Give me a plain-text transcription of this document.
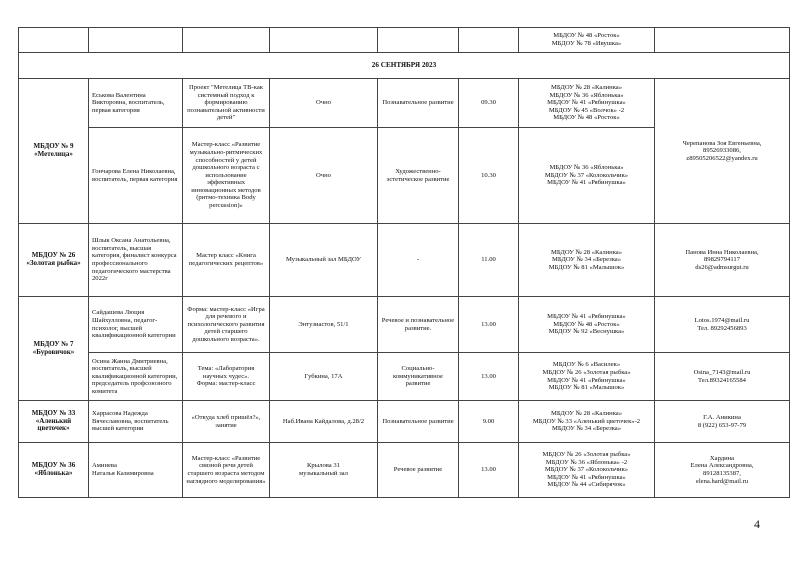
						МБДОУ № 48 «Росток»
МБДОУ № 78 «Ивушка»	
26 СЕНТЯБРЯ 2023							
МБДОУ № 9
«Метелица»	Еськова Валентина Викторовна, воспитатель, первая категория	Проект "Метелица ТВ-как системный подход к формированию познавательной активности детей"	Очно	Познавательное развитие	09.30	МБДОУ № 28 «Калинка»
МБДОУ № 36 «Яблонька»
МБДОУ № 41 «Рябинушка»
МБДОУ № 45 «Волчок» -2
МБДОУ № 48 «Росток»	Черепанова Зоя Евгеньевна,
89526933086,
z89505206522@yandex.ru
	Гончарова Елена Николаевна, воспитатель, первая категория	Мастер-класс «Развитие музыкально-ритмических способностей у детей дошкольного возраста с использование эффективных инновационных методов (ритмо-техника Body percussion)»	Очно	Художественно-эстетическое развитие	10.30	МБДОУ № 36 «Яблонька»
МБДОУ № 37 «Колокольчик»
МБДОУ № 41 «Рябинушка»	
МБДОУ № 26
«Золотая рыбка»	Шлык Оксана Анатольевна, воспитатель, высшая категория, финалист конкурса профессионального педагогического мастерства 2022г	Мастер класс «Книга педагогических рецептов»	Музыкальный зал МБДОУ	-	11.00	МБДОУ № 28 «Калинка»
МБДОУ № 34 «Березка»
МБДОУ № 81 «Малышок»	Панова Инна Николаевна,
89829794117
ds26@admsurgut.ru
МБДОУ № 7
«Буровичок»	Сайдашева Люция Шайхулловна, педагог-психолог, высшей квалификационной категории	Форма: мастер-класс «Игра для речевого и психологического развития детей старшего дошкольного возраста».	Энтузиастов, 51/1	Речевое и познавательное развитие.	13.00	МБДОУ № 41 «Рябинушка»
МБДОУ № 48 «Росток»
МБДОУ № 92 «Веснушка»	Lotos.1974@mail.ru
Тел. 89292456893
	Осина Жанна Дмитриевна, воспитатель, высшей квалификационной категории, председатель профсоюзного комитета	Тема: «Лаборатория научных чудес».
Форма: мастер-класс	Губкина, 17А	Социально-коммуникативное развитие	13.00	МБДОУ № 6 «Василек»
МБДОУ № 26 «Золотая рыбка»
МБДОУ № 41 «Рябинушка»
МБДОУ № 81 «Малышок»	Osina_7143@mail.ru
Тел.89324165584
МБДОУ № 33
«Аленький цветочек»	Харрасова Надежда Вячеславовна, воспитатель высшей категории	«Откуда хлеб пришёл?»,
занятие	Наб.Ивана Кайдалова, д.28/2	Познавательное развитие	9.00	МБДОУ № 28 «Калинка»
МБДОУ № 33 «Аленький цветочек»-2
МБДОУ № 34 «Березка»	Г.А. Аникина
8 (922) 653-97-79
МБДОУ № 36
«Яблонька»	Аминева
Наталья Казимировна	Мастер-класс «Развитие связной речи детей старшего возраста методом наглядного моделирования»	Крылова 31
музыкальный зал	Речевое развитие	13.00	МБДОУ № 26 «Золотая рыбка»
МБДОУ № 36 «Яблонька» -2
МБДОУ № 37 «Колокольчик»
МБДОУ № 41 «Рябинушка»
МБДОУ № 44 «Сибирячок»	Хардина
Елена Александровна,
89128135387,
elena.hard@mail.ru
4
